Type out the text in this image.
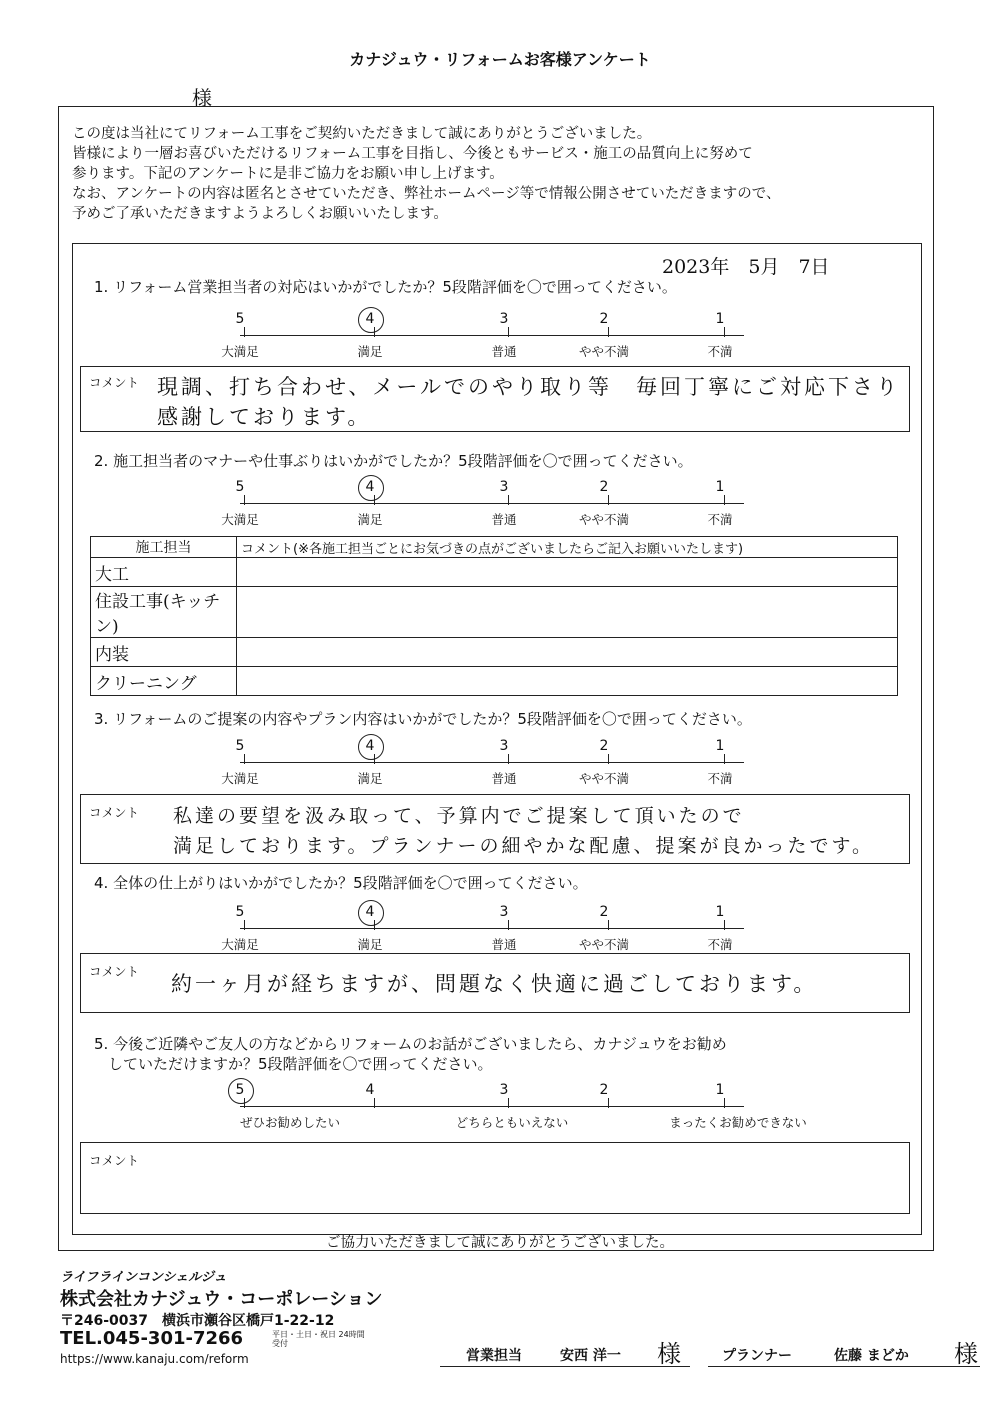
カナジュウ・リフォームお客様アンケート
様
この度は当社にてリフォーム工事をご契約いただきまして誠にありがとうございました。
皆様により一層お喜びいただけるリフォーム工事を目指し、今後ともサービス・施工の品質向上に努めて
参ります。下記のアンケートに是非ご協力をお願い申し上げます。
なお、アンケートの内容は匿名とさせていただき、弊社ホームページ等で情報公開させていただきますので、
予めご了承いただきますようよろしくお願いいたします。
2023年　5月　7日
1. リフォーム営業担当者の対応はいかがでしたか？5段階評価を〇で囲ってください。
5
大満足
4
満足
3
普通
2
やや不満
1
不満
コメント 現調、打ち合わせ、メールでのやり取り等　毎回丁寧にご対応下さり
感謝しております。
2. 施工担当者のマナーや仕事ぶりはいかがでしたか？5段階評価を〇で囲ってください。
5
大満足
4
満足
3
普通
2
やや不満
1
不満
施工担当	コメント(※各施工担当ごとにお気づきの点がございましたらご記入お願いいたします)
大工	
住設工事(キッチン)	
内装	
クリーニング	
3. リフォームのご提案の内容やプラン内容はいかがでしたか？5段階評価を〇で囲ってください。
5
大満足
4
満足
3
普通
2
やや不満
1
不満
コメント 私達の要望を汲み取って、予算内でご提案して頂いたので
満足しております。プランナーの細やかな配慮、提案が良かったです。
4. 全体の仕上がりはいかがでしたか？5段階評価を〇で囲ってください。
5
大満足
4
満足
3
普通
2
やや不満
1
不満
コメント
約一ヶ月が経ちますが、問題なく快適に過ごしております。
5. 今後ご近隣やご友人の方などからリフォームのお話がございましたら、カナジュウをお勧め
していただけますか？5段階評価を〇で囲ってください。
5
ぜひお勧めしたい
4	3
どちらともいえない
2	1
まったくお勧めできない
コメント
ご協力いただきまして誠にありがとうございました。
ライフラインコンシェルジュ
株式会社カナジュウ・コーポレーション
〒246-0037　横浜市瀬谷区橋戸1-22-12
TEL.045-301-7266	平日・土日・祝日 24時間受付
https://www.kanaju.com/reform	営業担当	安西 洋一 様	プランナー	佐藤 まどか 様
